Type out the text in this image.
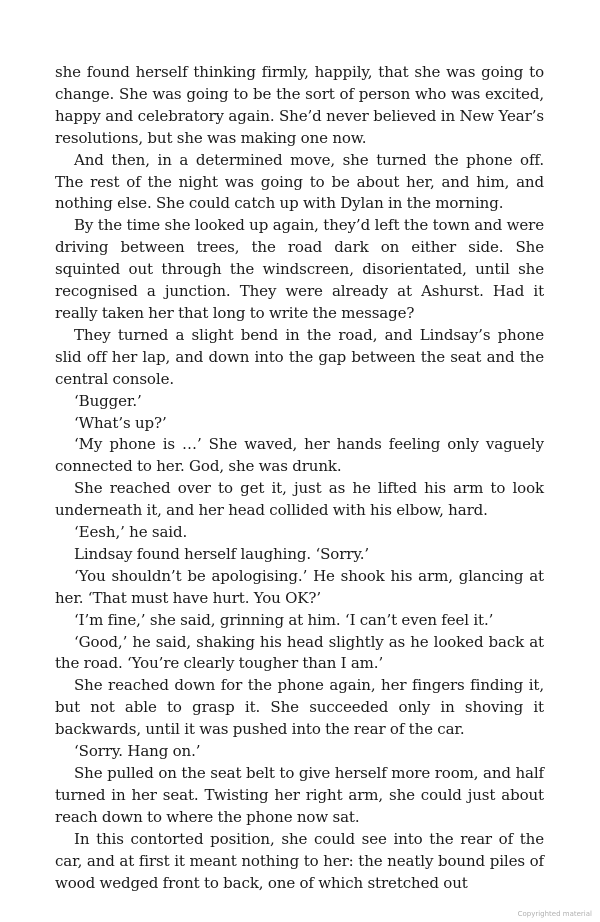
she found herself thinking firmly, happily, that she was going to change. She was going to be the sort of person who was excited, happy and celebratory again. She’d never believed in New Year’s resolutions, but she was making one now.

And then, in a determined move, she turned the phone off. The rest of the night was going to be about her, and him, and nothing else. She could catch up with Dylan in the morning.

By the time she looked up again, they’d left the town and were driving between trees, the road dark on either side. She squinted out through the windscreen, disorientated, until she recognised a junction. They were already at Ashurst. Had it really taken her that long to write the message?

They turned a slight bend in the road, and Lindsay’s phone slid off her lap, and down into the gap between the seat and the central console.

‘Bugger.’

‘What’s up?’

‘My phone is …’ She waved, her hands feeling only vaguely connected to her. God, she was drunk.

She reached over to get it, just as he lifted his arm to look underneath it, and her head collided with his elbow, hard.

‘Eesh,’ he said.

Lindsay found herself laughing. ‘Sorry.’

‘You shouldn’t be apologising.’ He shook his arm, glancing at her. ‘That must have hurt. You OK?’

‘I’m fine,’ she said, grinning at him. ‘I can’t even feel it.’

‘Good,’ he said, shaking his head slightly as he looked back at the road. ‘You’re clearly tougher than I am.’

She reached down for the phone again, her fingers finding it, but not able to grasp it. She succeeded only in shoving it backwards, until it was pushed into the rear of the car.

‘Sorry. Hang on.’

She pulled on the seat belt to give herself more room, and half turned in her seat. Twisting her right arm, she could just about reach down to where the phone now sat.

In this contorted position, she could see into the rear of the car, and at first it meant nothing to her: the neatly bound piles of wood wedged front to back, one of which stretched out

Copyrighted material
